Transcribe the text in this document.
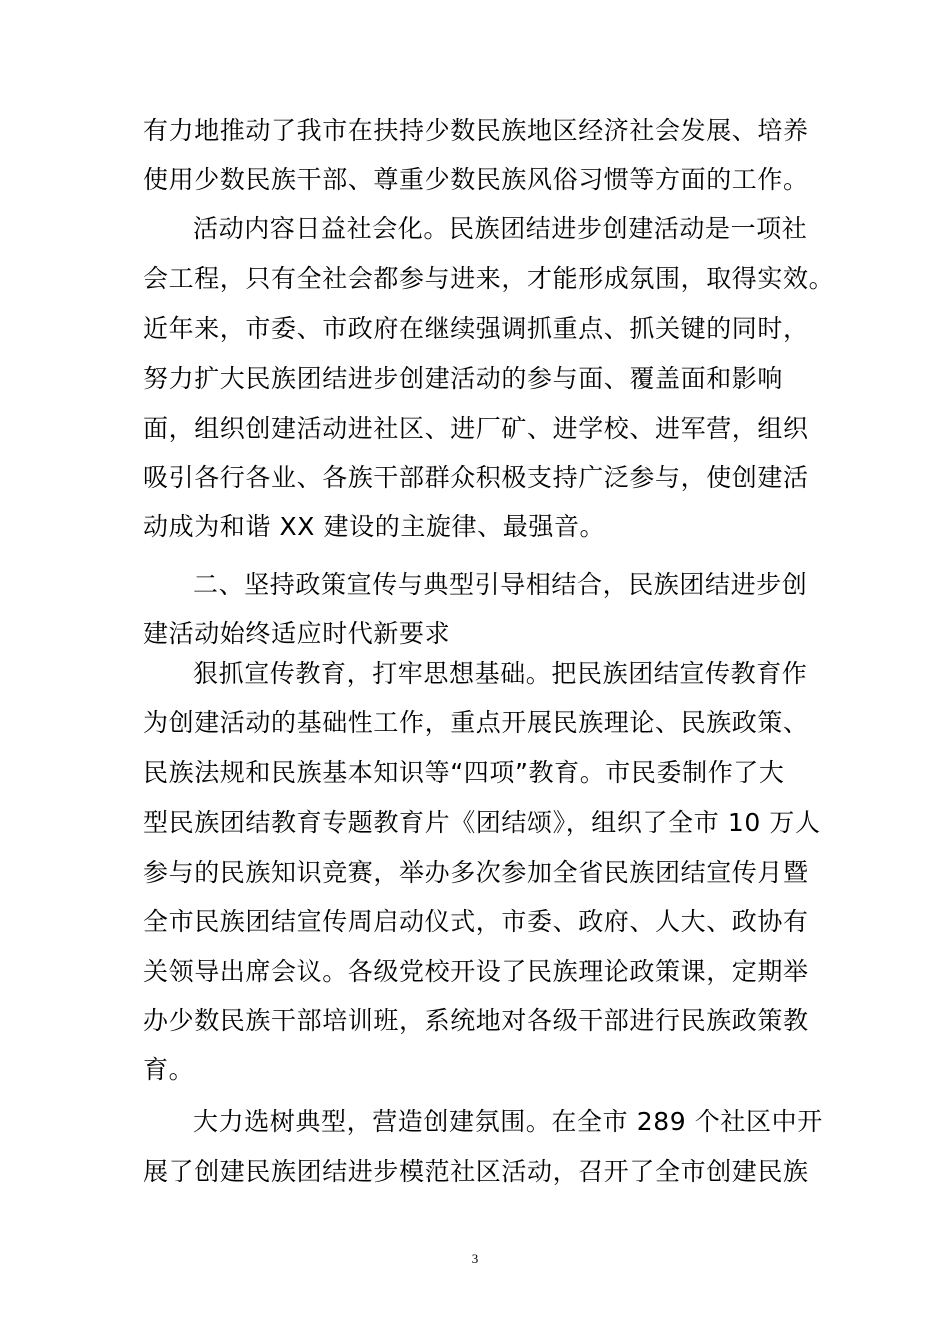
有力地推动了我市在扶持少数民族地区经济社会发展、培养
使用少数民族干部、尊重少数民族风俗习惯等方面的工作。
活动内容日益社会化。民族团结进步创建活动是一项社
会工程，只有全社会都参与进来，才能形成氛围，取得实效。
近年来，市委、市政府在继续强调抓重点、抓关键的同时，
努力扩大民族团结进步创建活动的参与面、覆盖面和影响
面，组织创建活动进社区、进厂矿、进学校、进军营，组织
吸引各行各业、各族干部群众积极支持广泛参与，使创建活
动成为和谐 XX 建设的主旋律、最强音。
二、坚持政策宣传与典型引导相结合，民族团结进步创
建活动始终适应时代新要求
狠抓宣传教育，打牢思想基础。把民族团结宣传教育作
为创建活动的基础性工作，重点开展民族理论、民族政策、
民族法规和民族基本知识等“四项”教育。市民委制作了大
型民族团结教育专题教育片《团结颂》，组织了全市 10 万人
参与的民族知识竞赛，举办多次参加全省民族团结宣传月暨
全市民族团结宣传周启动仪式，市委、政府、人大、政协有
关领导出席会议。各级党校开设了民族理论政策课，定期举
办少数民族干部培训班，系统地对各级干部进行民族政策教
育。
大力选树典型，营造创建氛围。在全市 289 个社区中开
展了创建民族团结进步模范社区活动，召开了全市创建民族
3
